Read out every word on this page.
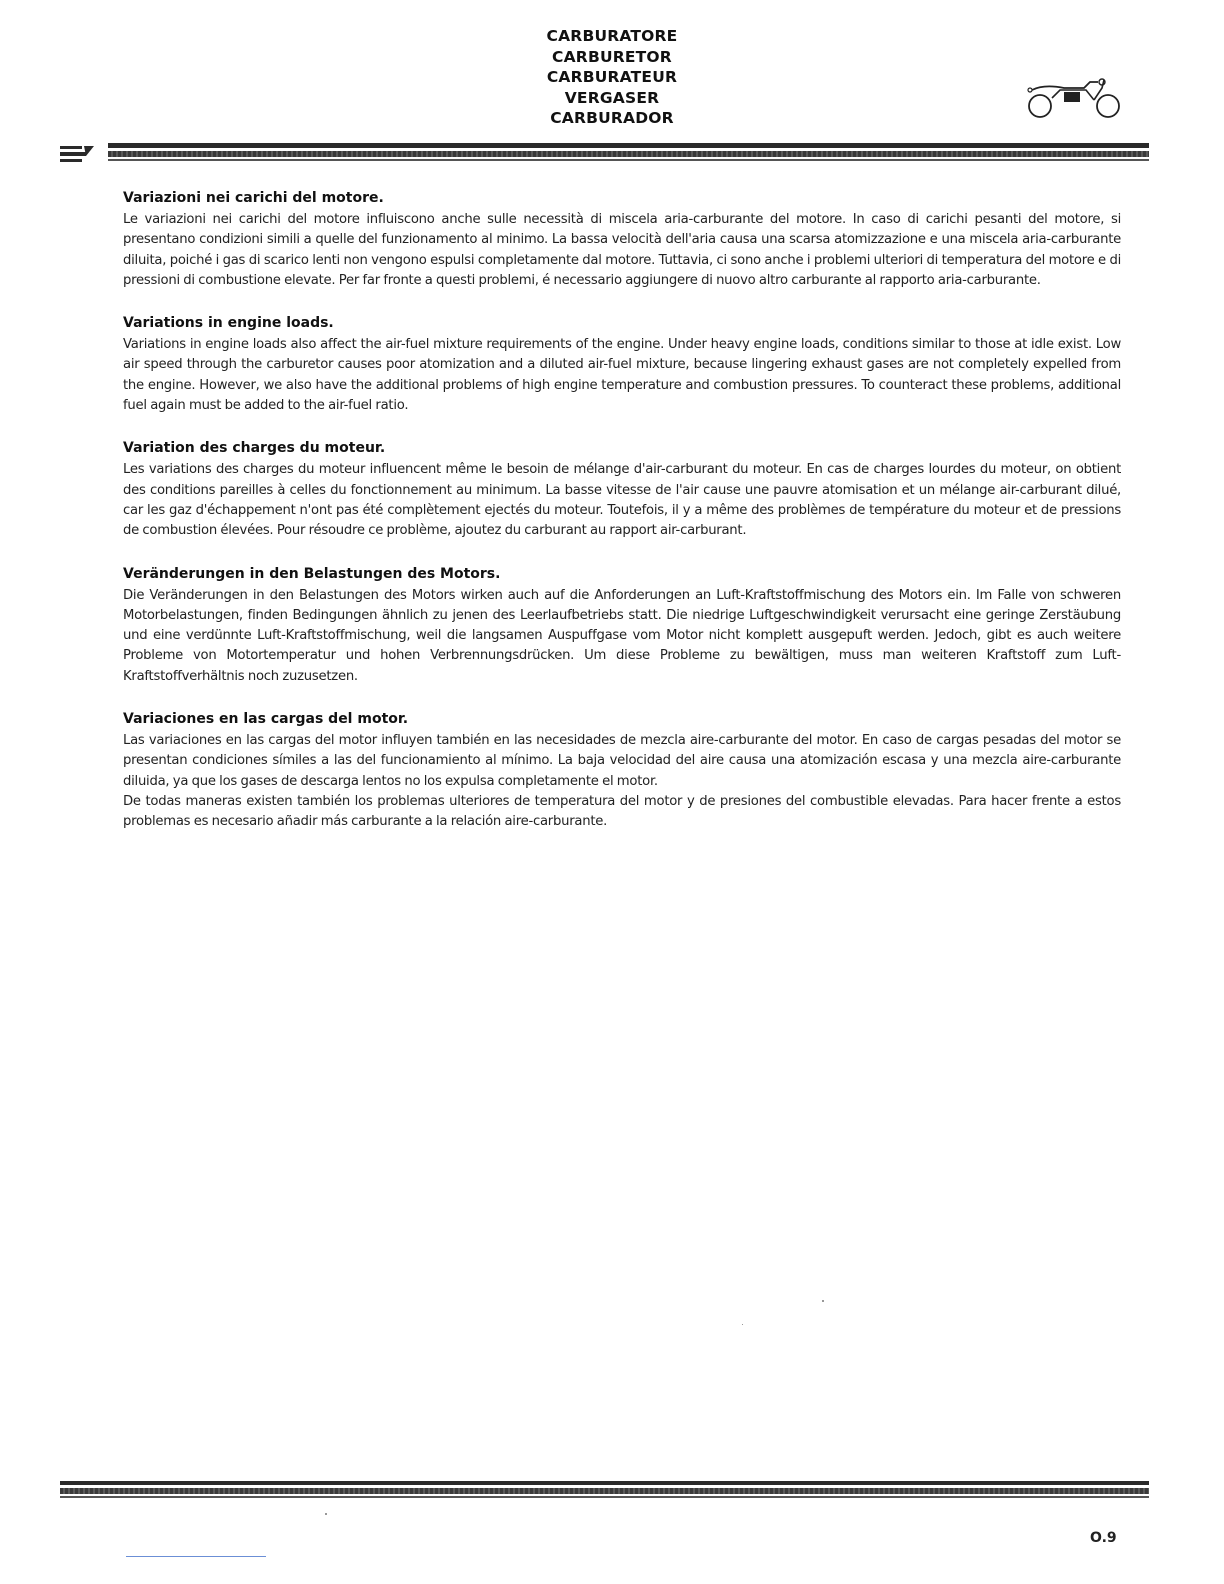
CARBURATORE
CARBURETOR
CARBURATEUR
VERGASER
CARBURADOR
Variazioni nei carichi del motore.

Le variazioni nei carichi del motore influiscono anche sulle necessità di miscela aria-carburante del motore. In caso di carichi pesanti del motore, si presentano condizioni simili a quelle del funzionamento al minimo. La bassa velocità dell'aria causa una scarsa atomizzazione e una miscela aria-carburante diluita, poiché i gas di scarico lenti non vengono espulsi completamente dal motore. Tuttavia, ci sono anche i problemi ulteriori di temperatura del motore e di pressioni di combustione elevate. Per far fronte a questi problemi, é necessario aggiungere di nuovo altro carburante al rapporto aria-carburante.

Variations in engine loads.

Variations in engine loads also affect the air-fuel mixture requirements of the engine. Under heavy engine loads, conditions similar to those at idle exist. Low air speed through the carburetor causes poor atomization and a diluted air-fuel mixture, because lingering exhaust gases are not completely expelled from the engine. However, we also have the additional problems of high engine temperature and combustion pressures. To counteract these problems, additional fuel again must be added to the air-fuel ratio.

Variation des charges du moteur.

Les variations des charges du moteur influencent même le besoin de mélange d'air-carburant du moteur. En cas de charges lourdes du moteur, on obtient des conditions pareilles à celles du fonctionnement au minimum. La basse vitesse de l'air cause une pauvre atomisation et un mélange air-carburant dilué, car les gaz d'échappement n'ont pas été complètement ejectés du moteur. Toutefois, il y a même des problèmes de température du moteur et de pressions de combustion élevées. Pour résoudre ce problème, ajoutez du carburant au rapport air-carburant.

Veränderungen in den Belastungen des Motors.

Die Veränderungen in den Belastungen des Motors wirken auch auf die Anforderungen an Luft-Kraftstoffmischung des Motors ein. Im Falle von schweren Motorbelastungen, finden Bedingungen ähnlich zu jenen des Leerlaufbetriebs statt. Die niedrige Luftgeschwindigkeit verursacht eine geringe Zerstäubung und eine verdünnte Luft-Kraftstoffmischung, weil die langsamen Auspuffgase vom Motor nicht komplett ausgepuft werden. Jedoch, gibt es auch weitere Probleme von Motortemperatur und hohen Verbrennungsdrücken. Um diese Probleme zu bewältigen, muss man weiteren Kraftstoff zum Luft-Kraftstoffverhältnis noch zuzusetzen.

Variaciones en las cargas del motor.

Las variaciones en las cargas del motor influyen también en las necesidades de mezcla aire-carburante del motor. En caso de cargas pesadas del motor se presentan condiciones símiles a las del funcionamiento al mínimo. La baja velocidad del aire causa una atomización escasa y una mezcla aire-carburante diluida, ya que los gases de descarga lentos no los expulsa completamente el motor.

De todas maneras existen también los problemas ulteriores de temperatura del motor y de presiones del combustible elevadas. Para hacer frente a estos problemas es necesario añadir más carburante a la relación aire-carburante.

O.9
